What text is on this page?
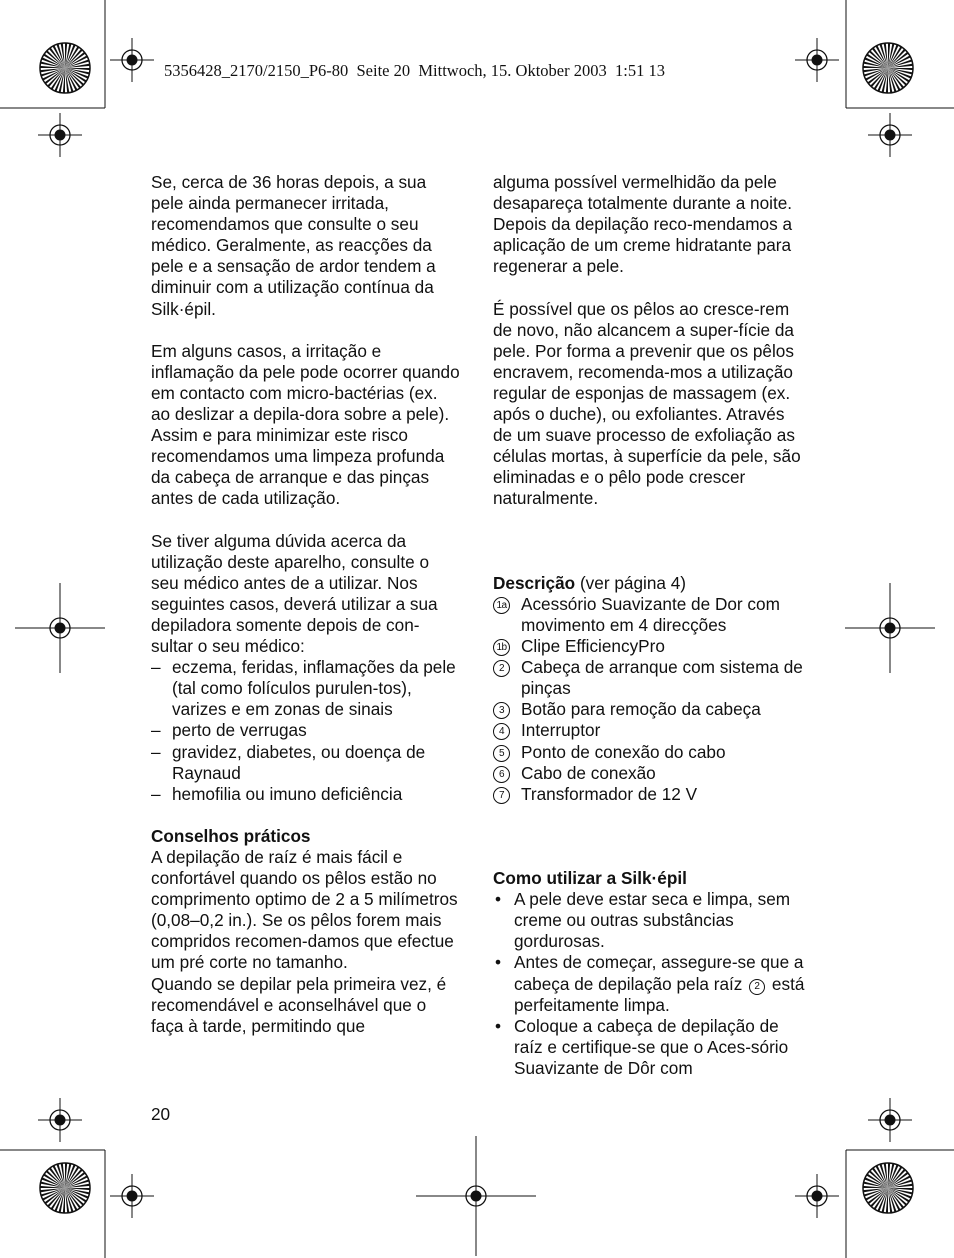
5356428_2170/2150_P6-80  Seite 20  Mittwoch, 15. Oktober 2003  1:51 13

Se, cerca de 36 horas depois, a sua pele ainda permanecer irritada, recomendamos que consulte o seu médico. Geralmente, as reacções da pele e a sensação de ardor tendem a diminuir com a utilização contínua da Silk·épil.

Em alguns casos, a irritação e inflamação da pele pode ocorrer quando em contacto com micro-bactérias (ex. ao deslizar a depila-dora sobre a pele). Assim e para minimizar este risco recomendamos uma limpeza profunda da cabeça de arranque e das pinças antes de cada utilização.

Se tiver alguma dúvida acerca da utilização deste aparelho, consulte o seu médico antes de a utilizar. Nos seguintes casos, deverá utilizar a sua depiladora somente depois de con-sultar o seu médico:

– eczema, feridas, inflamações da pele (tal como folículos purulen-tos), varizes e em zonas de sinais
– perto de verrugas
– gravidez, diabetes, ou doença de Raynaud
– hemofilia ou imuno deficiência

Conselhos práticos

A depilação de raíz é mais fácil e confortável quando os pêlos estão no comprimento optimo de 2 a 5 milímetros (0,08–0,2 in.). Se os pêlos forem mais compridos recomen-damos que efectue um pré corte no tamanho.

Quando se depilar pela primeira vez, é recomendável e aconselhável que o faça à tarde, permitindo que

alguma possível vermelhidão da pele desapareça totalmente durante a noite. Depois da depilação reco-mendamos a aplicação de um creme hidratante para regenerar a pele.

É possível que os pêlos ao cresce-rem de novo, não alcancem a super-fície da pele. Por forma a prevenir que os pêlos encravem, recomenda-mos a utilização regular de esponjas de massagem (ex. após o duche), ou exfoliantes. Através de um suave processo de exfoliação as células mortas, à superfície da pele, são eliminadas e o pêlo pode crescer naturalmente.

Descrição (ver página 4)

1a Acessório Suavizante de Dor com movimento em 4 direcções
1b Clipe EfficiencyPro
2 Cabeça de arranque com sistema de pinças
3 Botão para remoção da cabeça
4 Interruptor
5 Ponto de conexão do cabo
6 Cabo de conexão
7 Transformador de 12 V

Como utilizar a Silk·épil

• A pele deve estar seca e limpa, sem creme ou outras substâncias gordurosas.
• Antes de começar, assegure-se que a cabeça de depilação pela raíz 2 está perfeitamente limpa.
• Coloque a cabeça de depilação de raíz e certifique-se que o Aces-sório Suavizante de Dôr com
20
